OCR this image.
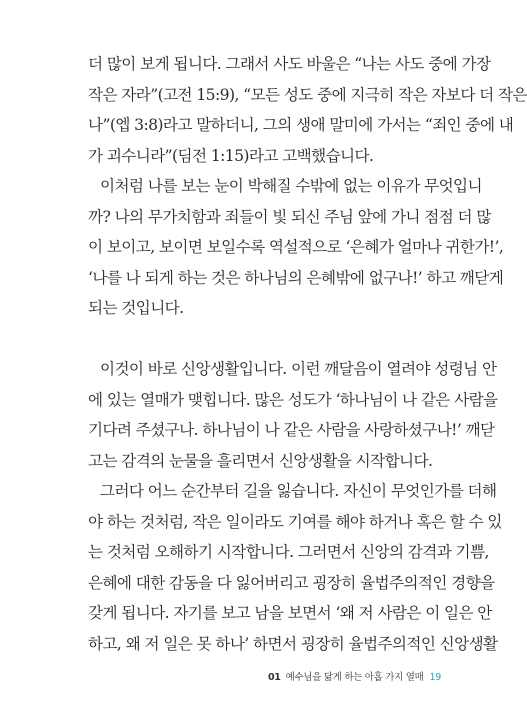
더 많이 보게 됩니다. 그래서 사도 바울은 “나는 사도 중에 가장
작은 자라”(고전 15:9), “모든 성도 중에 지극히 작은 자보다 더 작은
나”(엡 3:8)라고 말하더니, 그의 생애 말미에 가서는 “죄인 중에 내
가 괴수니라”(딤전 1:15)라고 고백했습니다.
이처럼 나를 보는 눈이 박해질 수밖에 없는 이유가 무엇입니
까? 나의 무가치함과 죄들이 빛 되신 주님 앞에 가니 점점 더 많
이 보이고, 보이면 보일수록 역설적으로 ‘은혜가 얼마나 귀한가!’,
‘나를 나 되게 하는 것은 하나님의 은혜밖에 없구나!’ 하고 깨닫게
되는 것입니다.
이것이 바로 신앙생활입니다. 이런 깨달음이 열려야 성령님 안
에 있는 열매가 맺힙니다. 많은 성도가 ‘하나님이 나 같은 사람을
기다려 주셨구나. 하나님이 나 같은 사람을 사랑하셨구나!’ 깨닫
고는 감격의 눈물을 흘리면서 신앙생활을 시작합니다.
그러다 어느 순간부터 길을 잃습니다. 자신이 무엇인가를 더해
야 하는 것처럼, 작은 일이라도 기여를 해야 하거나 혹은 할 수 있
는 것처럼 오해하기 시작합니다. 그러면서 신앙의 감격과 기쁨,
은혜에 대한 감동을 다 잃어버리고 굉장히 율법주의적인 경향을
갖게 됩니다. 자기를 보고 남을 보면서 ‘왜 저 사람은 이 일은 안
하고, 왜 저 일은 못 하나’ 하면서 굉장히 율법주의적인 신앙생활
01 예수님을 닮게 하는 아홉 가지 열매 19
